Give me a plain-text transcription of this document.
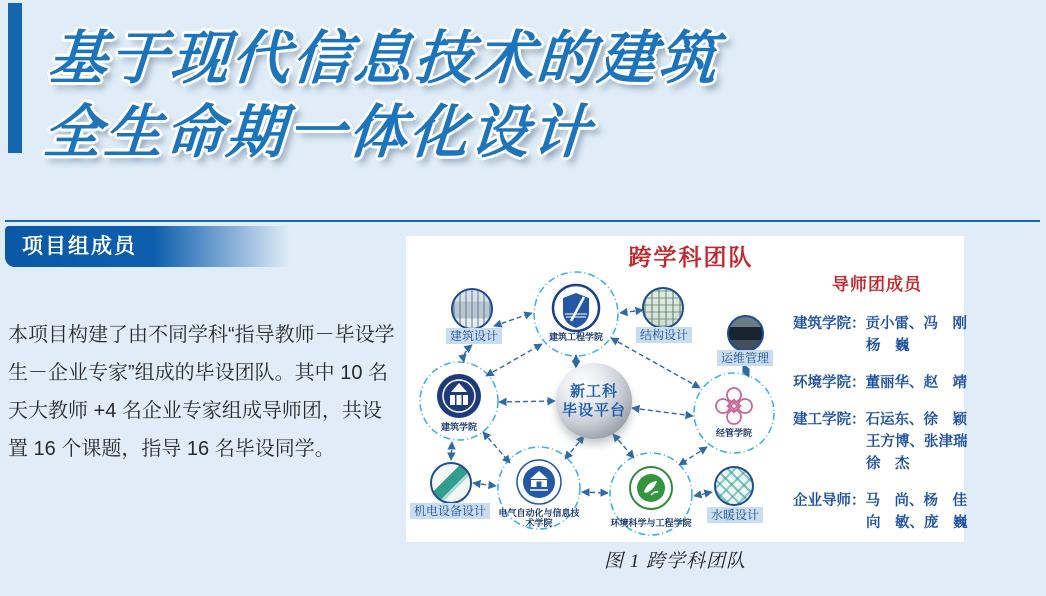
基于现代信息技术的建筑
全生命期一体化设计
项目组成员

本项目构建了由不同学科“指导教师－毕设学生－企业专家”组成的毕设团队。其中 10 名天大教师 +4 名企业专家组成导师团，共设置 16 个课题，指导 16 名毕设同学。

跨学科团队
建筑设计	结构设计
运维管理
机电设备设计	水暖设计
建筑工程学院
建筑学院
经管学院
电气自动化与信息技
术学院	环境科学与工程学院
新工科
毕设平台
导师团成员
建筑学院：贡小雷、冯　刚
杨　巍
环境学院：董丽华、赵　靖
建工学院：石运东、徐　颖
王方博、张津瑞
徐　杰
企业导师：马　尚、杨　佳
向　敏、庞　巍
图 1 跨学科团队
